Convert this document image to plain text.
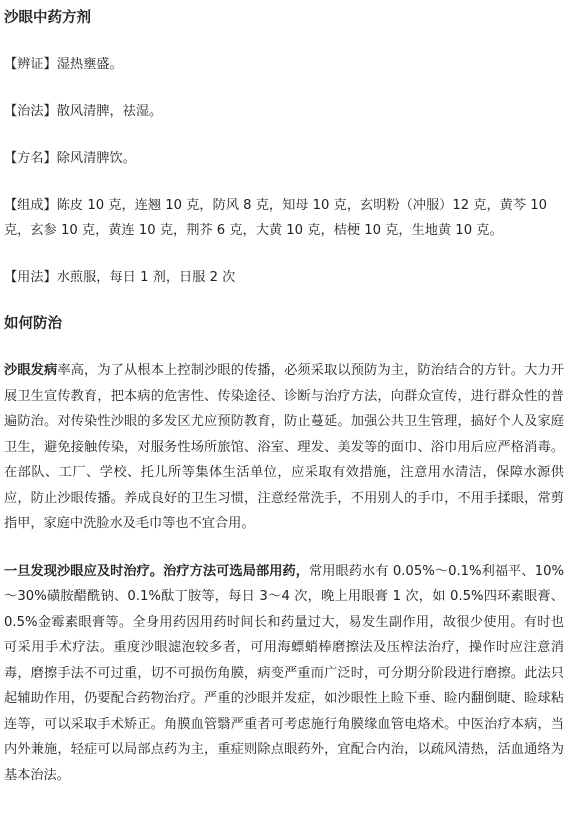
沙眼中药方剂

【辨证】湿热壅盛。

【治法】散风清脾，祛湿。

【方名】除风清脾饮。

【组成】陈皮 10 克，连翘 10 克，防风 8 克，知母 10 克，玄明粉（冲服）12 克，黄芩 10 克，玄参 10 克，黄连 10 克，荆芥 6 克，大黄 10 克，桔梗 10 克，生地黄 10 克。

【用法】水煎服，每日 1 剂，日服 2 次

如何防治

沙眼发病率高，为了从根本上控制沙眼的传播，必须采取以预防为主，防治结合的方针。大力开展卫生宣传教育，把本病的危害性、传染途径、诊断与治疗方法，向群众宣传，进行群众性的普遍防治。对传染性沙眼的多发区尤应预防教育，防止蔓延。加强公共卫生管理，搞好个人及家庭卫生，避免接触传染，对服务性场所旅馆、浴室、理发、美发等的面巾、浴巾用后应严格消毒。在部队、工厂、学校、托儿所等集体生活单位，应采取有效措施，注意用水清洁，保障水源供应，防止沙眼传播。养成良好的卫生习惯，注意经常洗手，不用别人的手巾，不用手揉眼，常剪指甲，家庭中洗脸水及毛巾等也不宜合用。

一旦发现沙眼应及时治疗。治疗方法可选局部用药，常用眼药水有 0.05%～0.1%利福平、10%～30%磺胺醋酰钠、0.1%酞丁胺等，每日 3～4 次，晚上用眼膏 1 次，如 0.5%四环素眼膏、0.5%金霉素眼膏等。全身用药因用药时间长和药量过大，易发生副作用，故很少使用。有时也可采用手术疗法。重度沙眼滤泡较多者，可用海螵蛸棒磨擦法及压榨法治疗，操作时应注意消毒，磨擦手法不可过重，切不可损伤角膜，病变严重而广泛时，可分期分阶段进行磨擦。此法只起辅助作用，仍要配合药物治疗。严重的沙眼并发症，如沙眼性上睑下垂、睑内翻倒睫、睑球粘连等，可以采取手术矫正。角膜血管翳严重者可考虑施行角膜缘血管电烙术。中医治疗本病，当内外兼施，轻症可以局部点药为主，重症则除点眼药外，宜配合内治，以疏风清热，活血通络为基本治法。
